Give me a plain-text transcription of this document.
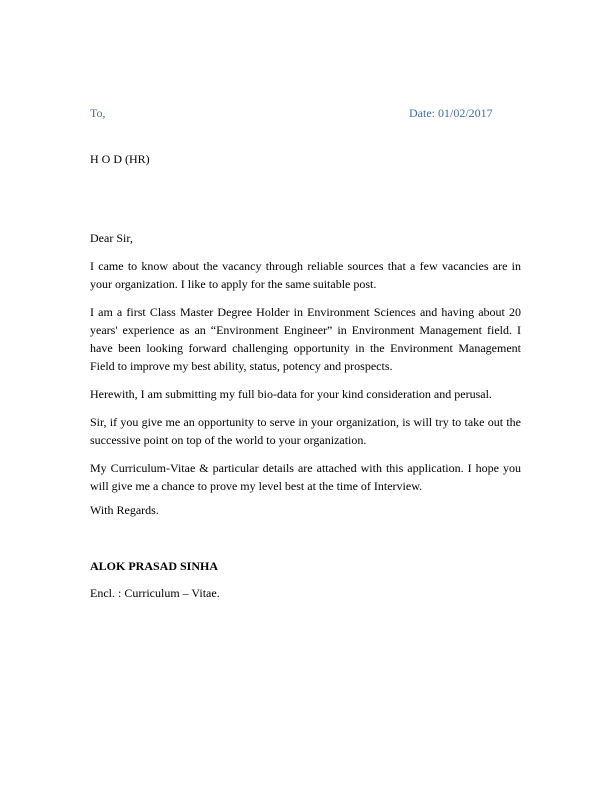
To,	Date: 01/02/2017
H O D (HR)
Dear Sir,

I came to know about the vacancy through reliable sources that a few vacancies are in your organization. I like to apply for the same suitable post.

I am a first Class Master Degree Holder in Environment Sciences and having about 20 years' experience as an “Environment Engineer” in Environment Management field. I have been looking forward challenging opportunity in the Environment Management Field to improve my best ability, status, potency and prospects.

Herewith, I am submitting my full bio-data for your kind consideration and perusal.

Sir, if you give me an opportunity to serve in your organization, is will try to take out the successive point on top of the world to your organization.

My Curriculum-Vitae & particular details are attached with this application. I hope you will give me a chance to prove my level best at the time of Interview.

With Regards.
ALOK PRASAD SINHA
Encl. : Curriculum – Vitae.
